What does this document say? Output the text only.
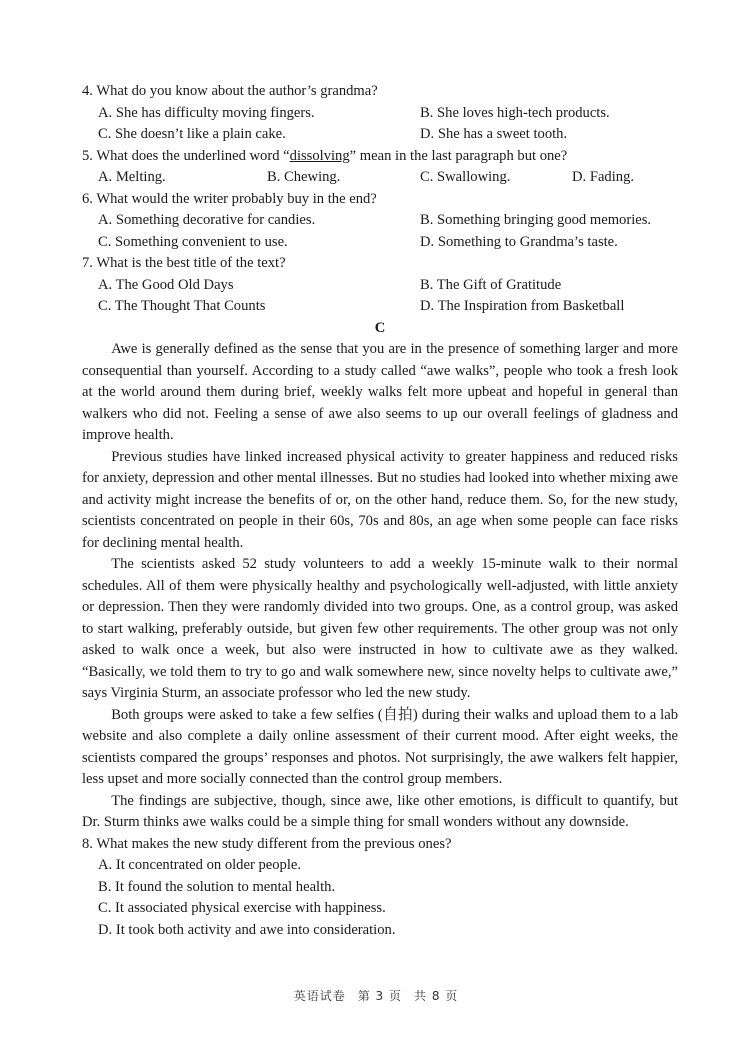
4. What do you know about the author’s grandma?
A. She has difficulty moving fingers.	B. She loves high-tech products.
C. She doesn’t like a plain cake.	D. She has a sweet tooth.
5. What does the underlined word “dissolving” mean in the last paragraph but one?
A. Melting.	B. Chewing.	C. Swallowing.	D. Fading.
6. What would the writer probably buy in the end?
A. Something decorative for candies.	B. Something bringing good memories.
C. Something convenient to use.	D. Something to Grandma’s taste.
7. What is the best title of the text?
A. The Good Old Days	B. The Gift of Gratitude
C. The Thought That Counts	D. The Inspiration from Basketball
C

Awe is generally defined as the sense that you are in the presence of something larger and more consequential than yourself. According to a study called “awe walks”, people who took a fresh look at the world around them during brief, weekly walks felt more upbeat and hopeful in general than walkers who did not. Feeling a sense of awe also seems to up our overall feelings of gladness and improve health.

Previous studies have linked increased physical activity to greater happiness and reduced risks for anxiety, depression and other mental illnesses. But no studies had looked into whether mixing awe and activity might increase the benefits of or, on the other hand, reduce them. So, for the new study, scientists concentrated on people in their 60s, 70s and 80s, an age when some people can face risks for declining mental health.

The scientists asked 52 study volunteers to add a weekly 15-minute walk to their normal schedules. All of them were physically healthy and psychologically well-adjusted, with little anxiety or depression. Then they were randomly divided into two groups. One, as a control group, was asked to start walking, preferably outside, but given few other requirements. The other group was not only asked to walk once a week, but also were instructed in how to cultivate awe as they walked. “Basically, we told them to try to go and walk somewhere new, since novelty helps to cultivate awe,” says Virginia Sturm, an associate professor who led the new study.

Both groups were asked to take a few selfies (自拍) during their walks and upload them to a lab website and also complete a daily online assessment of their current mood. After eight weeks, the scientists compared the groups’ responses and photos. Not surprisingly, the awe walkers felt happier, less upset and more socially connected than the control group members.

The findings are subjective, though, since awe, like other emotions, is difficult to quantify, but Dr. Sturm thinks awe walks could be a simple thing for small wonders without any downside.

8. What makes the new study different from the previous ones?
A. It concentrated on older people.
B. It found the solution to mental health.
C. It associated physical exercise with happiness.
D. It took both activity and awe into consideration.
英语试卷 第 3 页 共 8 页
